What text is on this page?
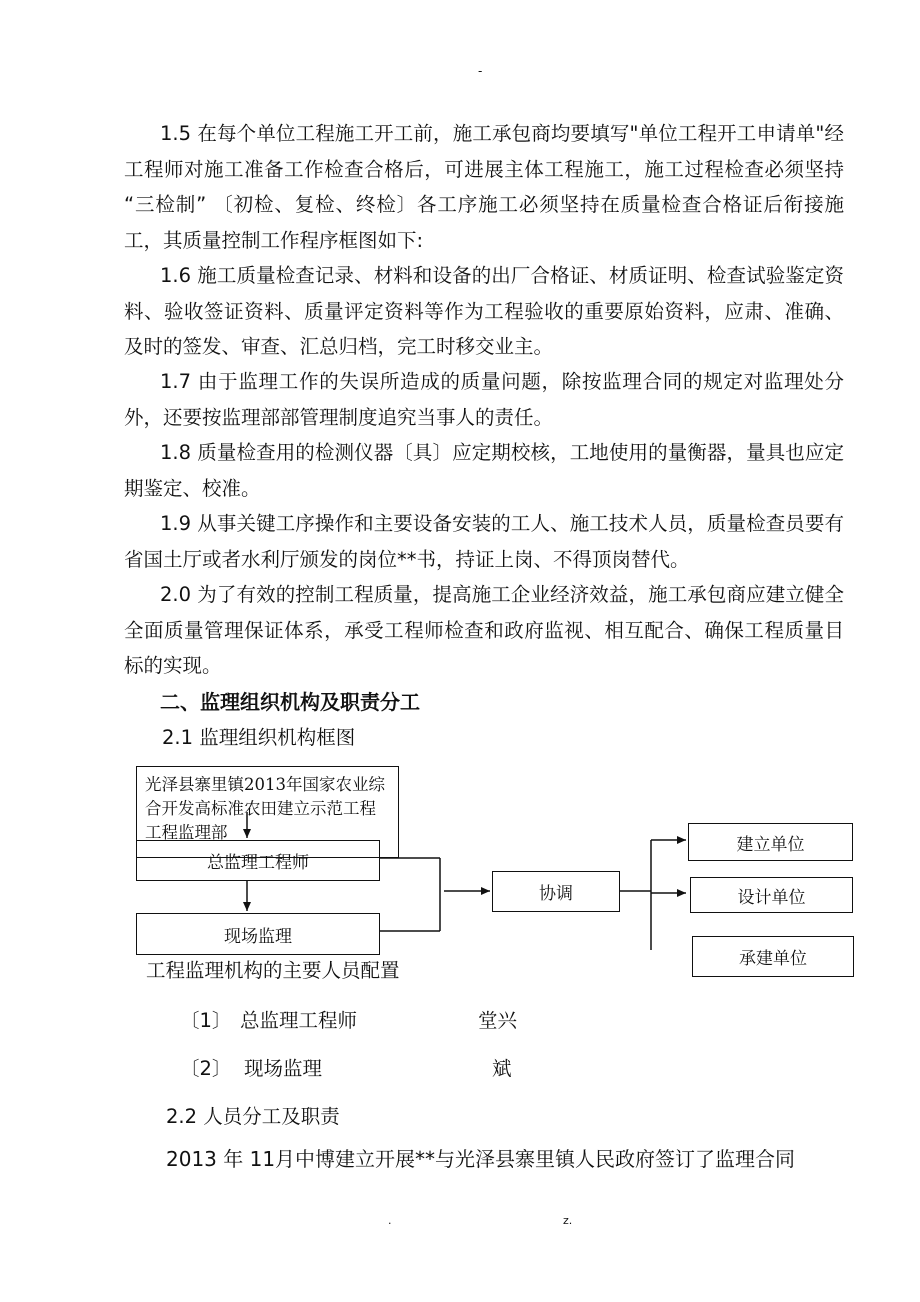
-
1.5 在每个单位工程施工开工前，施工承包商均要填写"单位工程开工申请单"经工程师对施工准备工作检查合格后，可进展主体工程施工，施工过程检查必须坚持 “三检制” 〔初检、复检、终检〕各工序施工必须坚持在质量检查合格证后衔接施工，其质量控制工作程序框图如下:
1.6 施工质量检查记录、材料和设备的出厂合格证、材质证明、检查试验鉴定资料、验收签证资料、质量评定资料等作为工程验收的重要原始资料，应肃、准确、及时的签发、审查、汇总归档，完工时移交业主。
1.7 由于监理工作的失误所造成的质量问题，除按监理合同的规定对监理处分外，还要按监理部部管理制度追究当事人的责任。
1.8 质量检查用的检测仪器〔具〕应定期校核，工地使用的量衡器，量具也应定期鉴定、校准。
1.9 从事关键工序操作和主要设备安装的工人、施工技术人员，质量检查员要有省国土厅或者水利厅颁发的岗位**书，持证上岗、不得顶岗替代。
2.0 为了有效的控制工程质量，提高施工企业经济效益，施工承包商应建立健全全面质量管理保证体系，承受工程师检查和政府监视、相互配合、确保工程质量目标的实现。
二、监理组织机构及职责分工
2.1 监理组织机构框图
光泽县寨里镇2013年国家农业综合开发高标准农田建立示范工程工程监理部
总监理工程师
现场监理
协调
建立单位
设计单位
承建单位
工程监理机构的主要人员配置
〔1〕 总监理工程师	堂兴
〔2〕 现场监理	斌
2.2 人员分工及职责
2013 年 11月中博建立开展**与光泽县寨里镇人民政府签订了监理合同
.	z.
